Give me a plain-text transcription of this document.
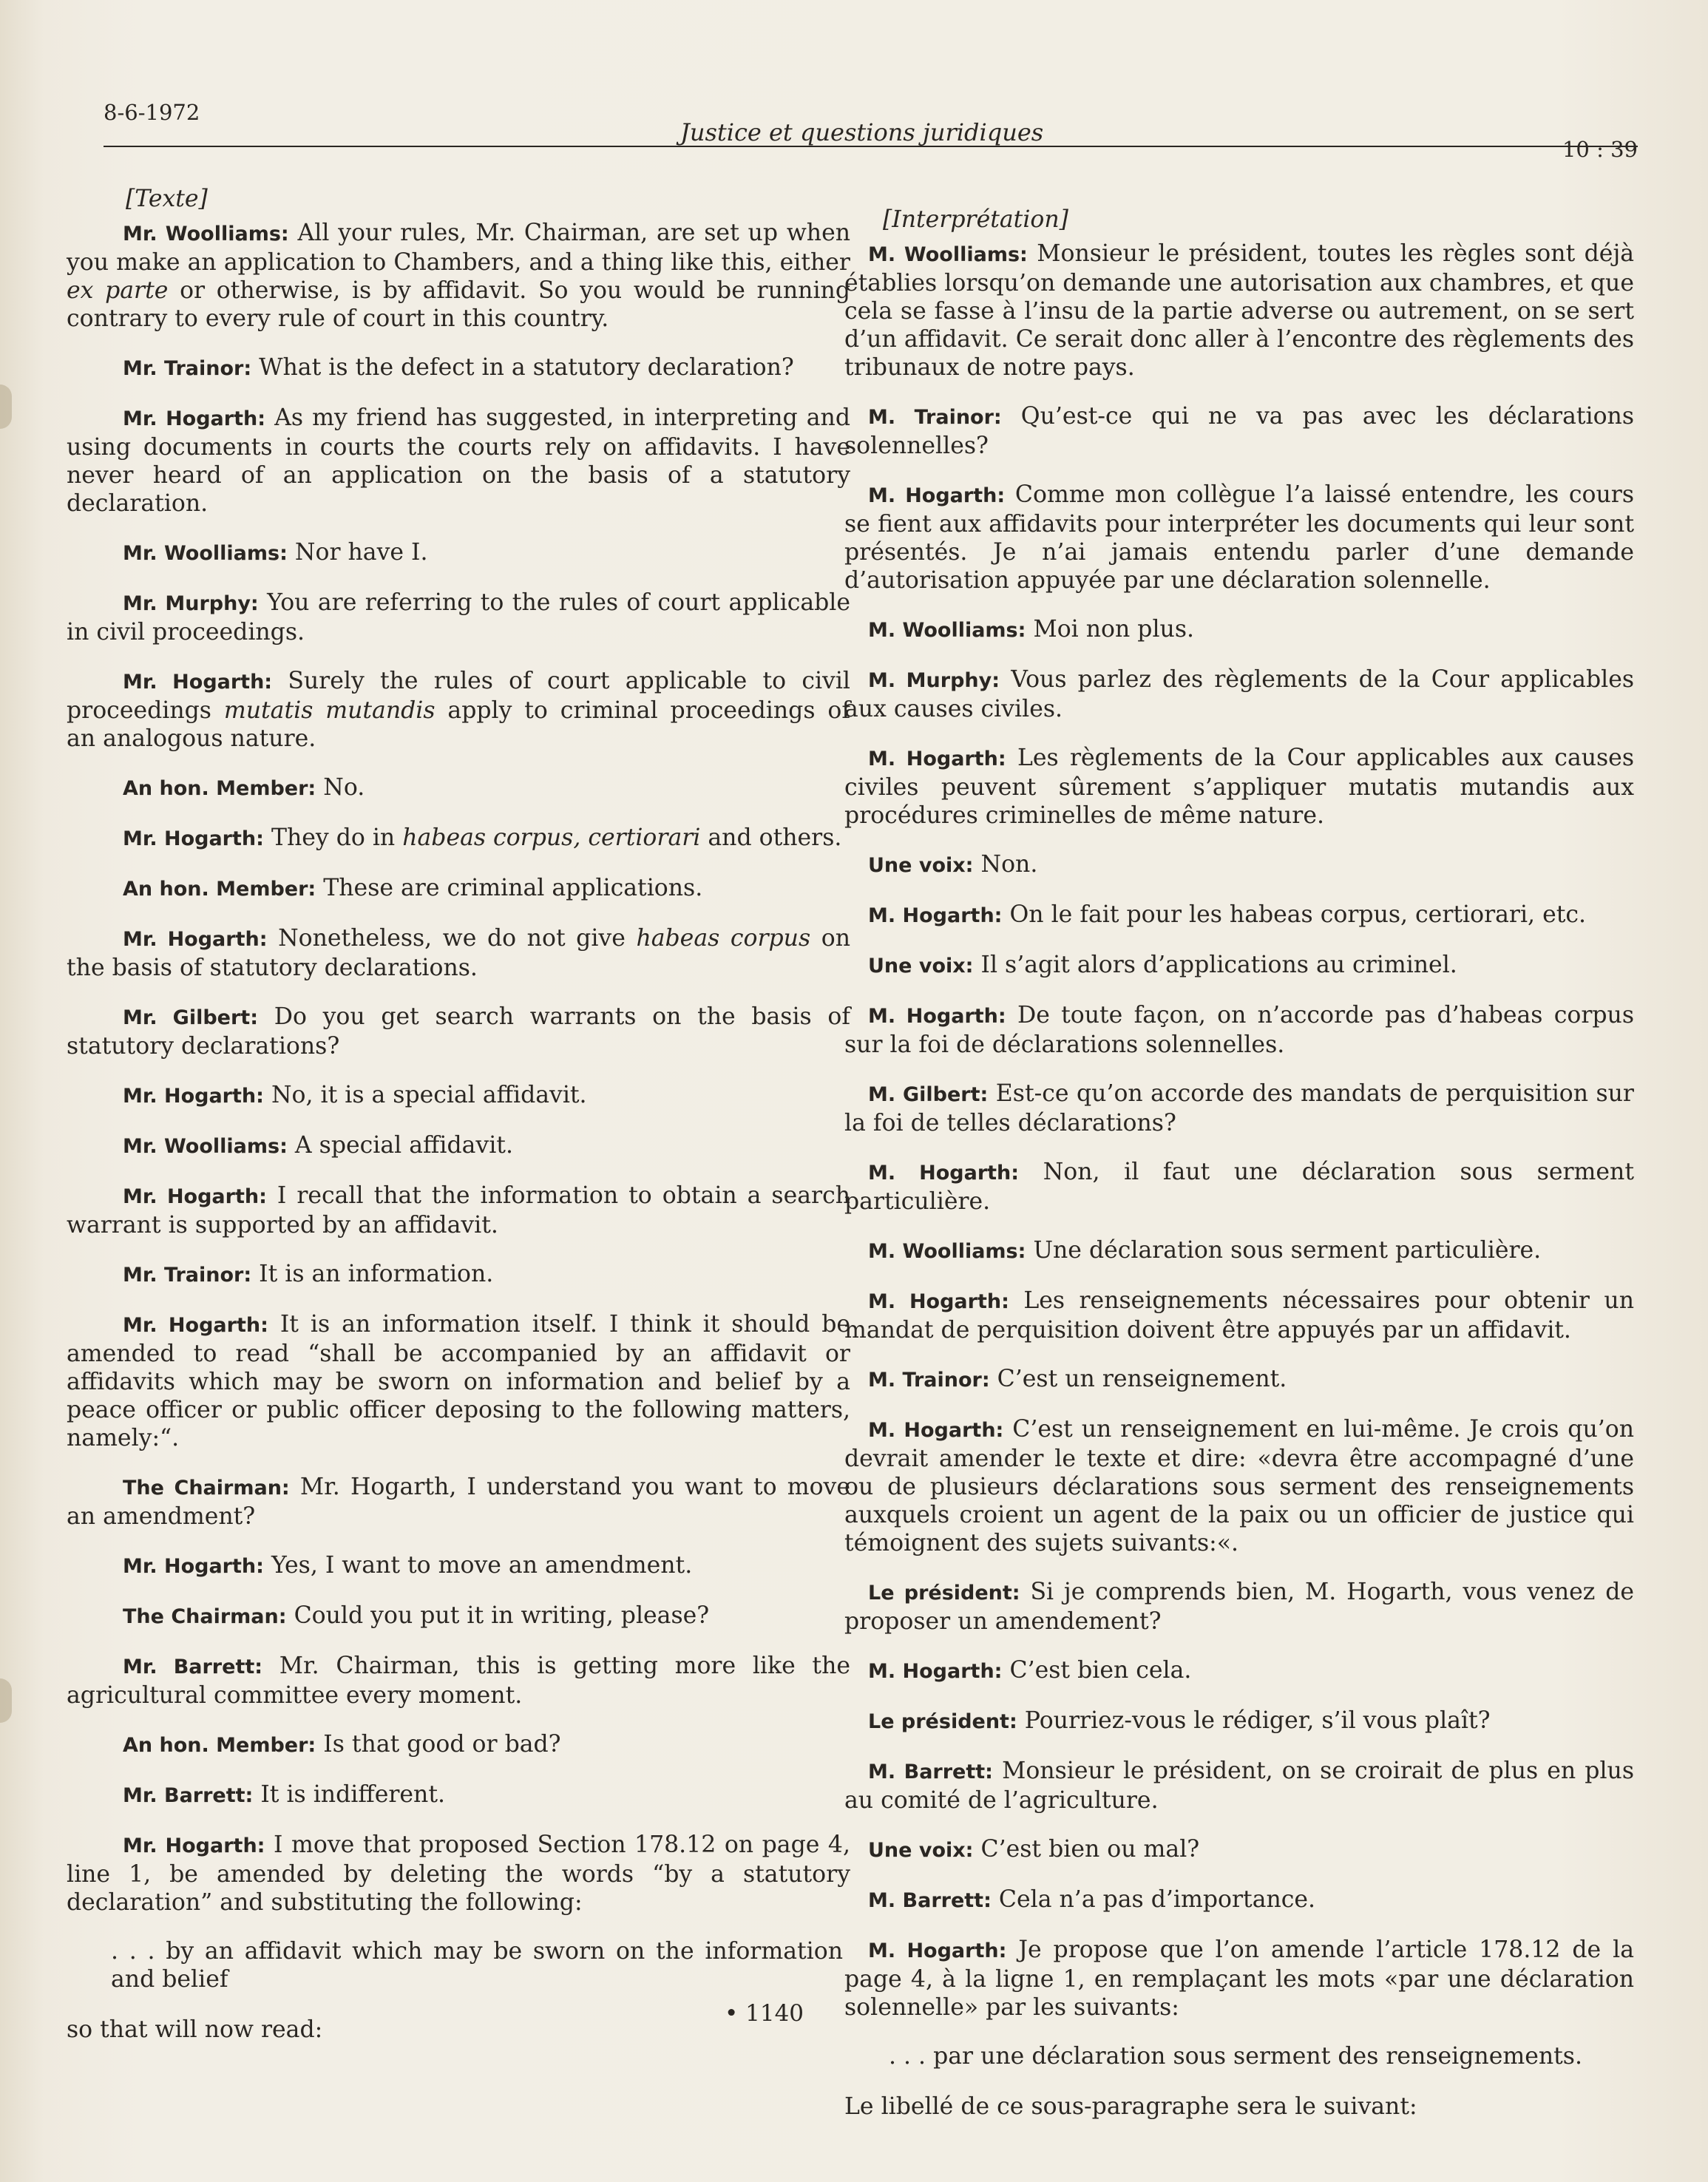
8-6-1972
Justice et questions juridiques
10 : 39
[Texte]

Mr. Woolliams: All your rules, Mr. Chairman, are set up when you make an application to Chambers, and a thing like this, either ex parte or otherwise, is by affidavit. So you would be running contrary to every rule of court in this country.

Mr. Trainor: What is the defect in a statutory declaration?

Mr. Hogarth: As my friend has suggested, in interpreting and using documents in courts the courts rely on affidavits. I have never heard of an application on the basis of a statutory declaration.

Mr. Woolliams: Nor have I.

Mr. Murphy: You are referring to the rules of court applicable in civil proceedings.

Mr. Hogarth: Surely the rules of court applicable to civil proceedings mutatis mutandis apply to criminal proceedings of an analogous nature.

An hon. Member: No.

Mr. Hogarth: They do in habeas corpus, certiorari and others.

An hon. Member: These are criminal applications.

Mr. Hogarth: Nonetheless, we do not give habeas corpus on the basis of statutory declarations.

Mr. Gilbert: Do you get search warrants on the basis of statutory declarations?

Mr. Hogarth: No, it is a special affidavit.

Mr. Woolliams: A special affidavit.

Mr. Hogarth: I recall that the information to obtain a search warrant is supported by an affidavit.

Mr. Trainor: It is an information.

Mr. Hogarth: It is an information itself. I think it should be amended to read “shall be accompanied by an affidavit or affidavits which may be sworn on information and belief by a peace officer or public officer deposing to the following matters, namely:“.

The Chairman: Mr. Hogarth, I understand you want to move an amendment?

Mr. Hogarth: Yes, I want to move an amendment.

The Chairman: Could you put it in writing, please?

Mr. Barrett: Mr. Chairman, this is getting more like the agricultural committee every moment.

An hon. Member: Is that good or bad?

Mr. Barrett: It is indifferent.

Mr. Hogarth: I move that proposed Section 178.12 on page 4, line 1, be amended by deleting the words “by a statutory declaration” and substituting the following:

. . . by an affidavit which may be sworn on the information and belief
so that will now read:
• 1140
[Interprétation]

M. Woolliams: Monsieur le président, toutes les règles sont déjà établies lorsqu’on demande une autorisation aux chambres, et que cela se fasse à l’insu de la partie adverse ou autrement, on se sert d’un affidavit. Ce serait donc aller à l’encontre des règlements des tribunaux de notre pays.

M. Trainor: Qu’est-ce qui ne va pas avec les déclarations solennelles?

M. Hogarth: Comme mon collègue l’a laissé entendre, les cours se fient aux affidavits pour interpréter les documents qui leur sont présentés. Je n’ai jamais entendu parler d’une demande d’autorisation appuyée par une déclaration solennelle.

M. Woolliams: Moi non plus.

M. Murphy: Vous parlez des règlements de la Cour applicables aux causes civiles.

M. Hogarth: Les règlements de la Cour applicables aux causes civiles peuvent sûrement s’appliquer mutatis mutandis aux procédures criminelles de même nature.

Une voix: Non.

M. Hogarth: On le fait pour les habeas corpus, certiorari, etc.

Une voix: Il s’agit alors d’applications au criminel.

M. Hogarth: De toute façon, on n’accorde pas d’habeas corpus sur la foi de déclarations solennelles.

M. Gilbert: Est-ce qu’on accorde des mandats de perquisition sur la foi de telles déclarations?

M. Hogarth: Non, il faut une déclaration sous serment particulière.

M. Woolliams: Une déclaration sous serment particulière.

M. Hogarth: Les renseignements nécessaires pour obtenir un mandat de perquisition doivent être appuyés par un affidavit.

M. Trainor: C’est un renseignement.

M. Hogarth: C’est un renseignement en lui-même. Je crois qu’on devrait amender le texte et dire: «devra être accompagné d’une ou de plusieurs déclarations sous serment des renseignements auxquels croient un agent de la paix ou un officier de justice qui témoignent des sujets suivants:«.

Le président: Si je comprends bien, M. Hogarth, vous venez de proposer un amendement?

M. Hogarth: C’est bien cela.

Le président: Pourriez-vous le rédiger, s’il vous plaît?

M. Barrett: Monsieur le président, on se croirait de plus en plus au comité de l’agriculture.

Une voix: C’est bien ou mal?

M. Barrett: Cela n’a pas d’importance.

M. Hogarth: Je propose que l’on amende l’article 178.12 de la page 4, à la ligne 1, en remplaçant les mots «par une déclaration solennelle» par les suivants:

. . . par une déclaration sous serment des renseignements.
Le libellé de ce sous-paragraphe sera le suivant:
